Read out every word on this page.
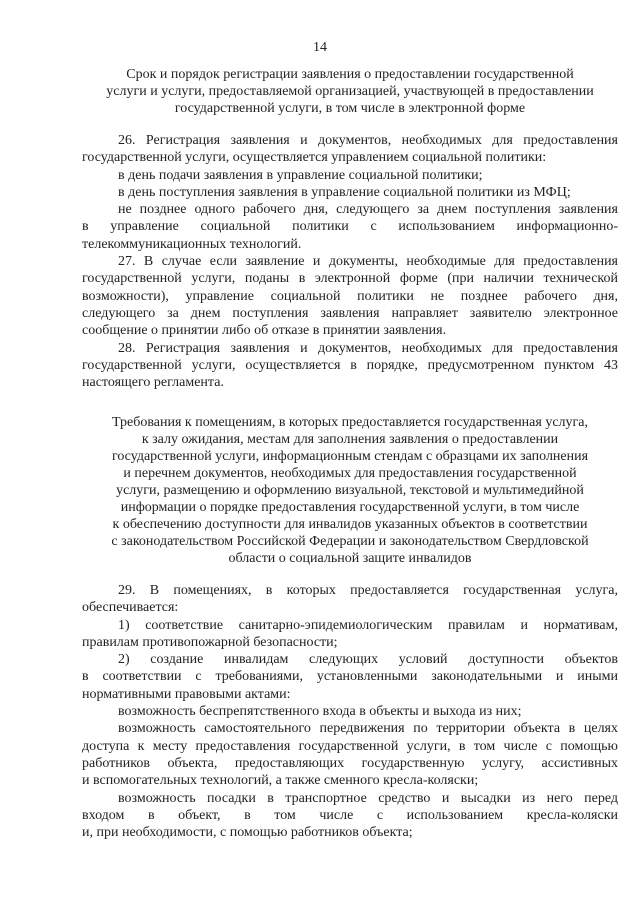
14
Срок и порядок регистрации заявления о предоставлении государственной
услуги и услуги, предоставляемой организацией, участвующей в предоставлении
государственной услуги, в том числе в электронной форме
26. Регистрация заявления и документов, необходимых для предоставления
государственной услуги, осуществляется управлением социальной политики:
в день подачи заявления в управление социальной политики;
в день поступления заявления в управление социальной политики из МФЦ;
не позднее одного рабочего дня, следующего за днем поступления заявления
в управление социальной политики с использованием информационно-
телекоммуникационных технологий.
27. В случае если заявление и документы, необходимые для предоставления
государственной услуги, поданы в электронной форме (при наличии технической
возможности), управление социальной политики не позднее рабочего дня,
следующего за днем поступления заявления направляет заявителю электронное
сообщение о принятии либо об отказе в принятии заявления.
28. Регистрация заявления и документов, необходимых для предоставления
государственной услуги, осуществляется в порядке, предусмотренном пунктом 43
настоящего регламента.
Требования к помещениям, в которых предоставляется государственная услуга,
к залу ожидания, местам для заполнения заявления о предоставлении
государственной услуги, информационным стендам с образцами их заполнения
и перечнем документов, необходимых для предоставления государственной
услуги, размещению и оформлению визуальной, текстовой и мультимедийной
информации о порядке предоставления государственной услуги, в том числе
к обеспечению доступности для инвалидов указанных объектов в соответствии
с законодательством Российской Федерации и законодательством Свердловской
области о социальной защите инвалидов
29. В помещениях, в которых предоставляется государственная услуга,
обеспечивается:
1) соответствие санитарно-эпидемиологическим правилам и нормативам,
правилам противопожарной безопасности;
2) создание инвалидам следующих условий доступности объектов
в соответствии с требованиями, установленными законодательными и иными
нормативными правовыми актами:
возможность беспрепятственного входа в объекты и выхода из них;
возможность самостоятельного передвижения по территории объекта в целях
доступа к месту предоставления государственной услуги, в том числе с помощью
работников объекта, предоставляющих государственную услугу, ассистивных
и вспомогательных технологий, а также сменного кресла-коляски;
возможность посадки в транспортное средство и высадки из него перед
входом в объект, в том числе с использованием кресла-коляски
и, при необходимости, с помощью работников объекта;
